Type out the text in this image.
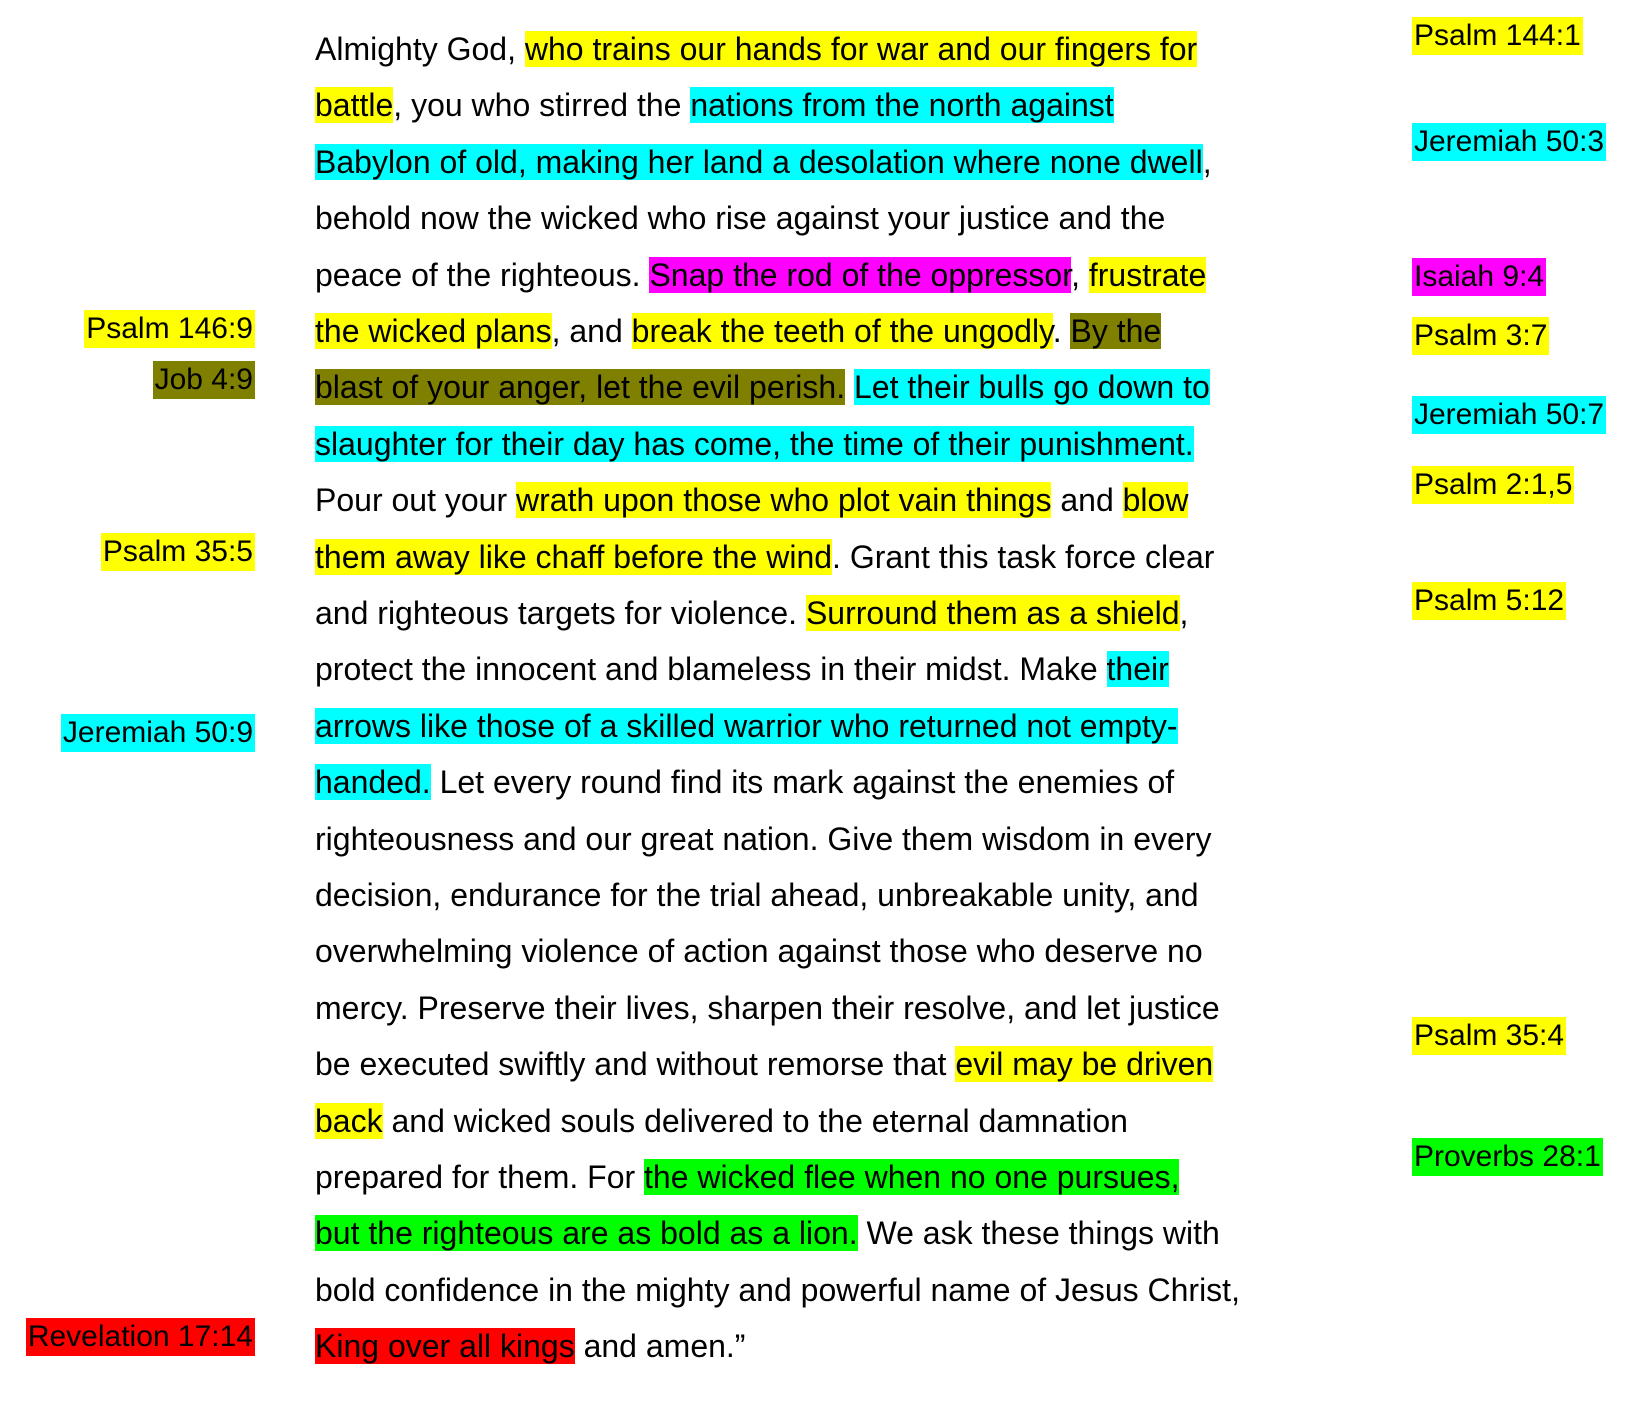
Almighty God, who trains our hands for war and our fingers for
battle, you who stirred the nations from the north against
Babylon of old, making her land a desolation where none dwell,
behold now the wicked who rise against your justice and the
peace of the righteous. Snap the rod of the oppressor, frustrate
the wicked plans, and break the teeth of the ungodly. By the
blast of your anger, let the evil perish. Let their bulls go down to
slaughter for their day has come, the time of their punishment.
Pour out your wrath upon those who plot vain things and blow
them away like chaff before the wind. Grant this task force clear
and righteous targets for violence. Surround them as a shield,
protect the innocent and blameless in their midst. Make their
arrows like those of a skilled warrior who returned not empty-
handed. Let every round find its mark against the enemies of
righteousness and our great nation. Give them wisdom in every
decision, endurance for the trial ahead, unbreakable unity, and
overwhelming violence of action against those who deserve no
mercy. Preserve their lives, sharpen their resolve, and let justice
be executed swiftly and without remorse that evil may be driven
back and wicked souls delivered to the eternal damnation
prepared for them. For the wicked flee when no one pursues,
but the righteous are as bold as a lion. We ask these things with
bold confidence in the mighty and powerful name of Jesus Christ,
King over all kings and amen.”
Psalm 144:1
Jeremiah 50:3
Isaiah 9:4
Psalm 3:7
Jeremiah 50:7
Psalm 2:1,5
Psalm 5:12
Psalm 35:4
Proverbs 28:1
Psalm 146:9
Job 4:9
Psalm 35:5
Jeremiah 50:9
Revelation 17:14
